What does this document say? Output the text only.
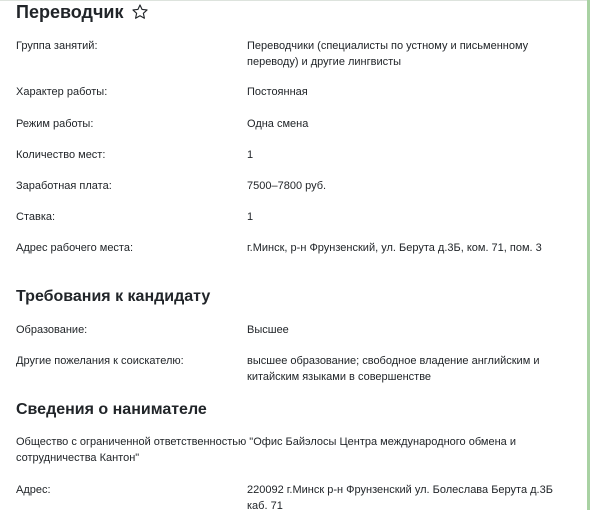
Переводчик
Группа занятий:	Переводчики (специалисты по устному и письменному переводу) и другие лингвисты
Характер работы:	Постоянная
Режим работы:	Одна смена
Количество мест:	1
Заработная плата:	7500–7800 руб.
Ставка:	1
Адрес рабочего места:	г.Минск, р-н Фрунзенский, ул. Берута д.3Б, ком. 71, пом. 3
Требования к кандидату
Образование:	Высшее
Другие пожелания к соискателю:	высшее образование; свободное владение английским и китайским языками в совершенстве
Сведения о нанимателе
Общество с ограниченной ответственностью "Офис Байэлосы Центра международного обмена и сотрудничества Кантон"
Адрес:	220092 г.Минск р-н Фрунзенский ул. Болеслава Берута д.3Б каб. 71
